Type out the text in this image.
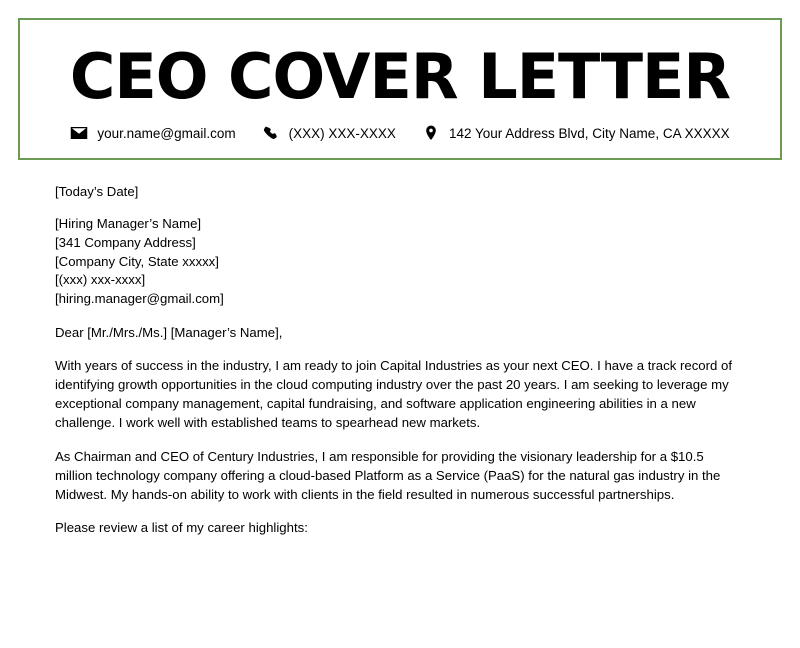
CEO COVER LETTER
your.name@gmail.com	(XXX) XXX-XXXX	142 Your Address Blvd, City Name, CA XXXXX
[Today’s Date]
[Hiring Manager’s Name]
[341 Company Address]
[Company City, State xxxxx]
[(xxx) xxx-xxxx]
[hiring.manager@gmail.com]
Dear [Mr./Mrs./Ms.] [Manager’s Name],

With years of success in the industry, I am ready to join Capital Industries as your next CEO. I have a track record of identifying growth opportunities in the cloud computing industry over the past 20 years. I am seeking to leverage my exceptional company management, capital fundraising, and software application engineering abilities in a new challenge. I work well with established teams to spearhead new markets.

As Chairman and CEO of Century Industries, I am responsible for providing the visionary leadership for a $10.5 million technology company offering a cloud-based Platform as a Service (PaaS) for the natural gas industry in the Midwest. My hands-on ability to work with clients in the field resulted in numerous successful partnerships.

Please review a list of my career highlights:
